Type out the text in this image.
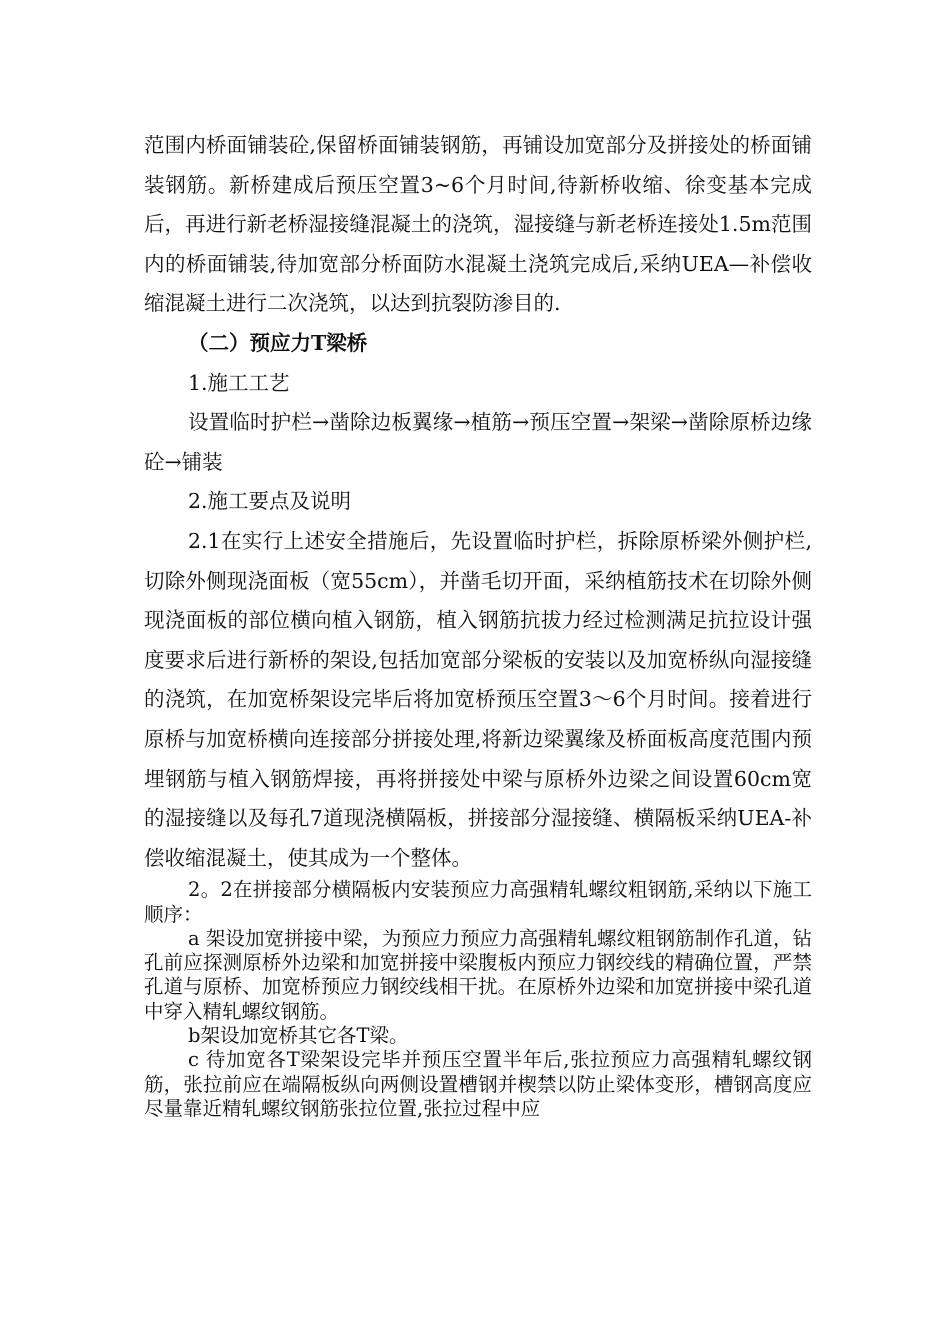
范围内桥面铺装砼,保留桥面铺装钢筋，再铺设加宽部分及拼接处的桥面铺装钢筋。新桥建成后预压空置3~6个月时间,待新桥收缩、徐变基本完成后，再进行新老桥湿接缝混凝土的浇筑，湿接缝与新老桥连接处1.5m范围内的桥面铺装,待加宽部分桥面防水混凝土浇筑完成后,采纳UEA—补偿收缩混凝土进行二次浇筑，以达到抗裂防渗目的.

（二）预应力T梁桥

1.施工工艺

设置临时护栏→凿除边板翼缘→植筋→预压空置→架梁→凿除原桥边缘砼→铺装

2.施工要点及说明

2.1在实行上述安全措施后，先设置临时护栏，拆除原桥梁外侧护栏,切除外侧现浇面板（宽55cm），并凿毛切开面，采纳植筋技术在切除外侧现浇面板的部位横向植入钢筋，植入钢筋抗拔力经过检测满足抗拉设计强度要求后进行新桥的架设,包括加宽部分梁板的安装以及加宽桥纵向湿接缝的浇筑，在加宽桥架设完毕后将加宽桥预压空置3～6个月时间。接着进行原桥与加宽桥横向连接部分拼接处理,将新边梁翼缘及桥面板高度范围内预埋钢筋与植入钢筋焊接，再将拼接处中梁与原桥外边梁之间设置60cm宽的湿接缝以及每孔7道现浇横隔板，拼接部分湿接缝、横隔板采纳UEA-补偿收缩混凝土，使其成为一个整体。

2。2在拼接部分横隔板内安装预应力高强精轧螺纹粗钢筋,采纳以下施工顺序：

a 架设加宽拼接中梁，为预应力预应力高强精轧螺纹粗钢筋制作孔道，钻孔前应探测原桥外边梁和加宽拼接中梁腹板内预应力钢绞线的精确位置，严禁孔道与原桥、加宽桥预应力钢绞线相干扰。在原桥外边梁和加宽拼接中梁孔道中穿入精轧螺纹钢筋。

b架设加宽桥其它各T梁。

c 待加宽各T梁架设完毕并预压空置半年后,张拉预应力高强精轧螺纹钢筋，张拉前应在端隔板纵向两侧设置槽钢并楔禁以防止梁体变形，槽钢高度应尽量靠近精轧螺纹钢筋张拉位置,张拉过程中应
